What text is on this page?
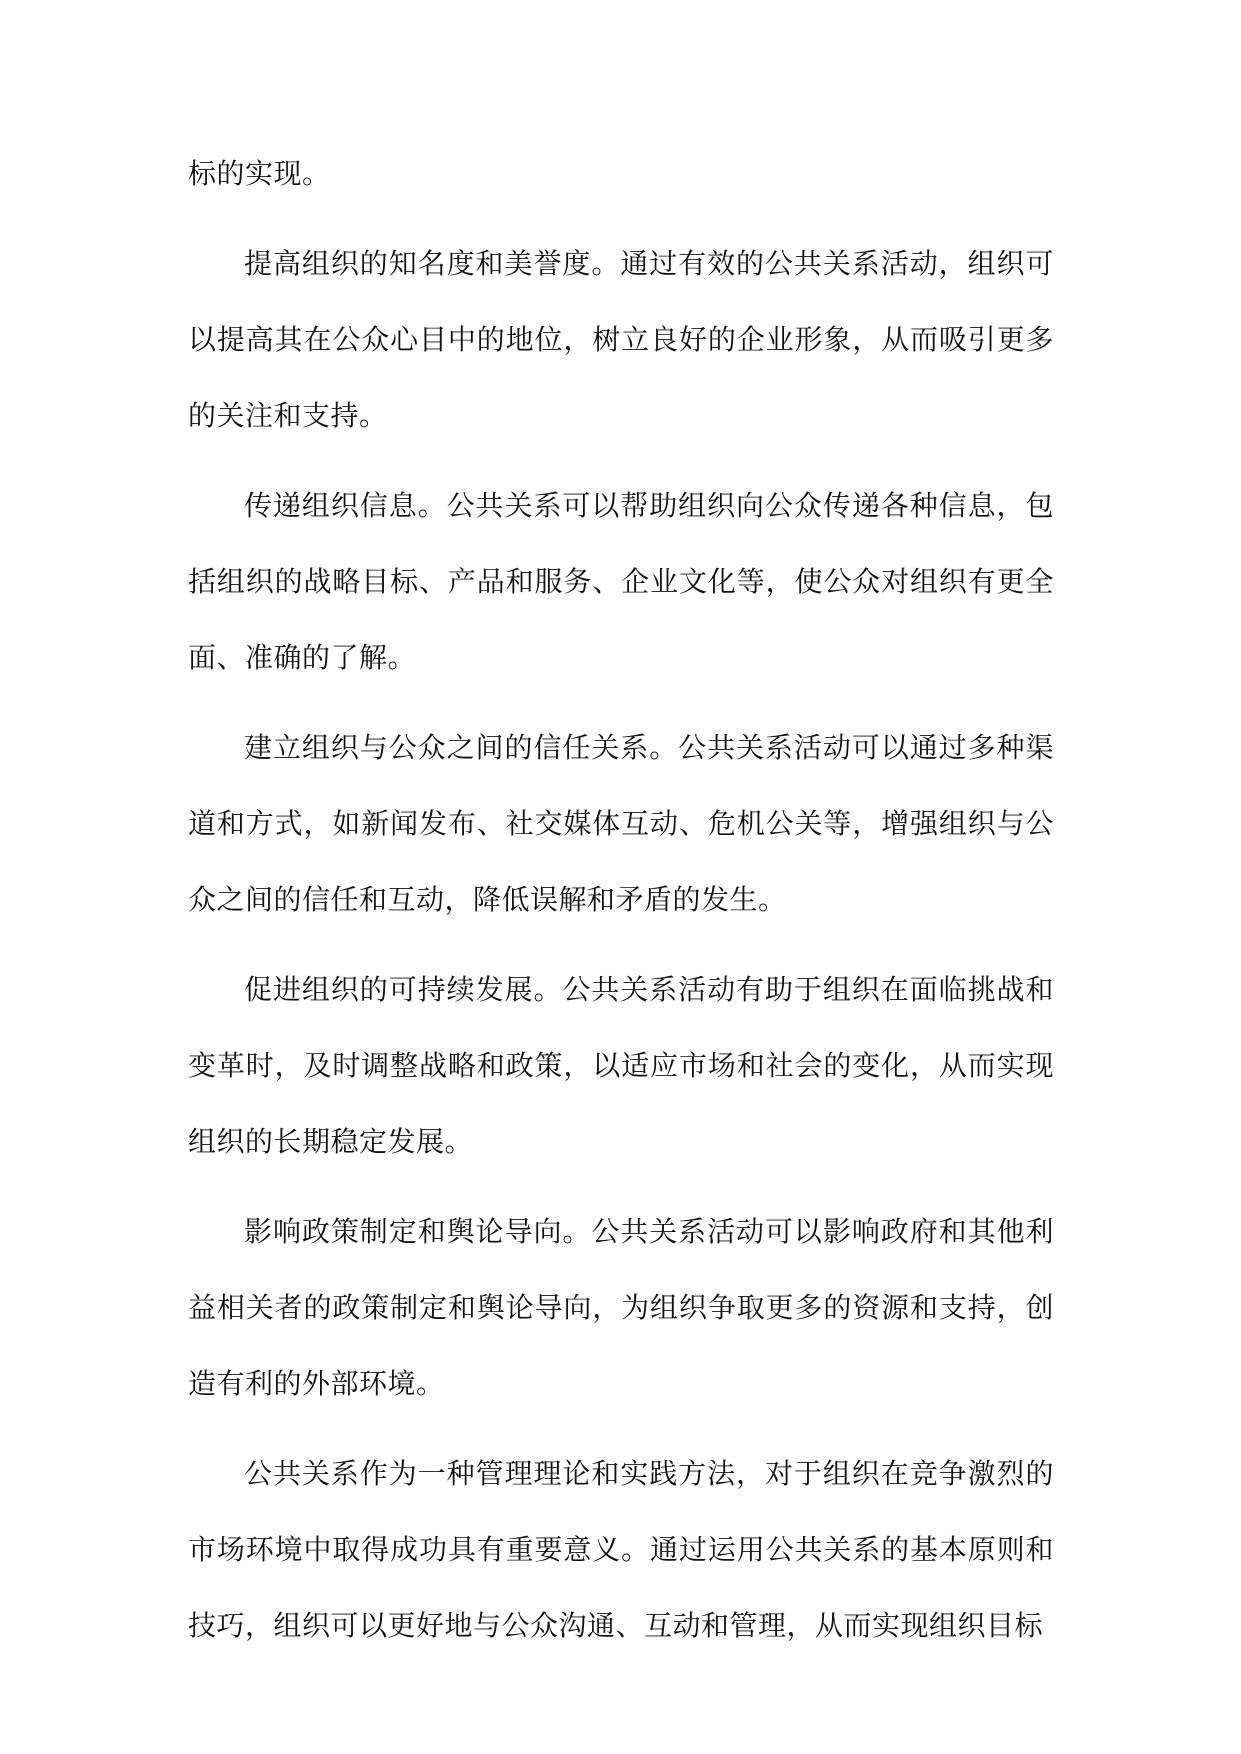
标的实现。

提高组织的知名度和美誉度。通过有效的公共关系活动，组织可以提高其在公众心目中的地位，树立良好的企业形象，从而吸引更多的关注和支持。

传递组织信息。公共关系可以帮助组织向公众传递各种信息，包括组织的战略目标、产品和服务、企业文化等，使公众对组织有更全面、准确的了解。

建立组织与公众之间的信任关系。公共关系活动可以通过多种渠道和方式，如新闻发布、社交媒体互动、危机公关等，增强组织与公众之间的信任和互动，降低误解和矛盾的发生。

促进组织的可持续发展。公共关系活动有助于组织在面临挑战和变革时，及时调整战略和政策，以适应市场和社会的变化，从而实现组织的长期稳定发展。

影响政策制定和舆论导向。公共关系活动可以影响政府和其他利益相关者的政策制定和舆论导向，为组织争取更多的资源和支持，创造有利的外部环境。

公共关系作为一种管理理论和实践方法，对于组织在竞争激烈的市场环境中取得成功具有重要意义。通过运用公共关系的基本原则和技巧，组织可以更好地与公众沟通、互动和管理，从而实现组织目标
